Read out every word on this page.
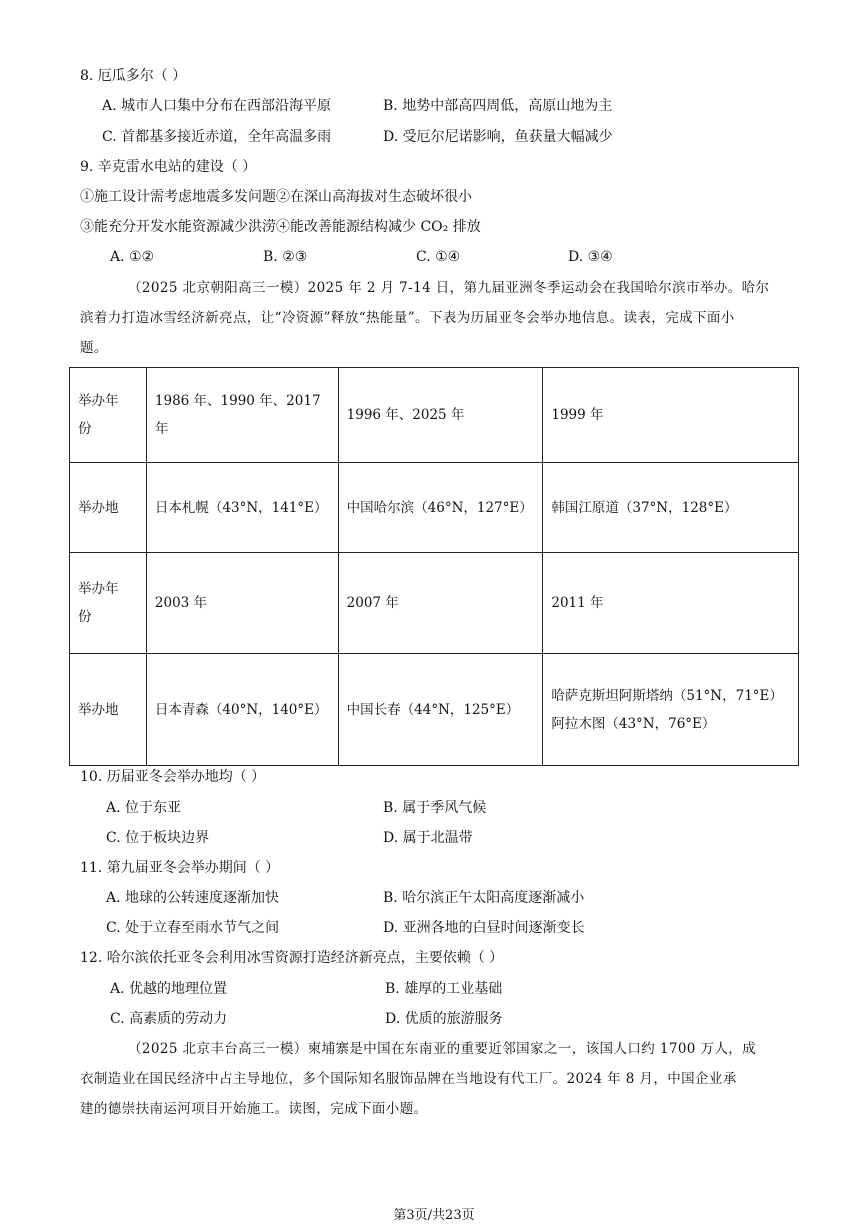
8. 厄瓜多尔（ ）
A. 城市人口集中分布在西部沿海平原	B. 地势中部高四周低，高原山地为主
C. 首都基多接近赤道，全年高温多雨	D. 受厄尔尼诺影响，鱼获量大幅减少
9. 辛克雷水电站的建设（ ）
①施工设计需考虑地震多发问题②在深山高海拔对生态破坏很小
③能充分开发水能资源减少洪涝④能改善能源结构减少 CO₂ 排放
A. ①②	B. ②③	C. ①④	D. ③④
（2025 北京朝阳高三一模）2025 年 2 月 7-14 日，第九届亚洲冬季运动会在我国哈尔滨市举办。哈尔
滨着力打造冰雪经济新亮点，让“冷资源”释放“热能量”。下表为历届亚冬会举办地信息。读表，完成下面小
题。
举办年
份	1986 年、1990 年、2017 年	1996 年、2025 年	1999 年
举办地	日本札幌（43°N，141°E）	中国哈尔滨（46°N，127°E）	韩国江原道（37°N，128°E）
举办年
份	2003 年	2007 年	2011 年
举办地	日本青森（40°N，140°E）	中国长春（44°N，125°E）	哈萨克斯坦阿斯塔纳（51°N，71°E）
阿拉木图（43°N，76°E）
10. 历届亚冬会举办地均（ ）
A. 位于东亚	B. 属于季风气候
C. 位于板块边界	D. 属于北温带
11. 第九届亚冬会举办期间（ ）
A. 地球的公转速度逐渐加快	B. 哈尔滨正午太阳高度逐渐减小
C. 处于立春至雨水节气之间	D. 亚洲各地的白昼时间逐渐变长
12. 哈尔滨依托亚冬会利用冰雪资源打造经济新亮点，主要依赖（ ）
A. 优越的地理位置	B. 雄厚的工业基础
C. 高素质的劳动力	D. 优质的旅游服务
（2025 北京丰台高三一模）柬埔寨是中国在东南亚的重要近邻国家之一，该国人口约 1700 万人，成
衣制造业在国民经济中占主导地位，多个国际知名服饰品牌在当地设有代工厂。2024 年 8 月，中国企业承
建的德崇扶南运河项目开始施工。读图，完成下面小题。
第3页/共23页
